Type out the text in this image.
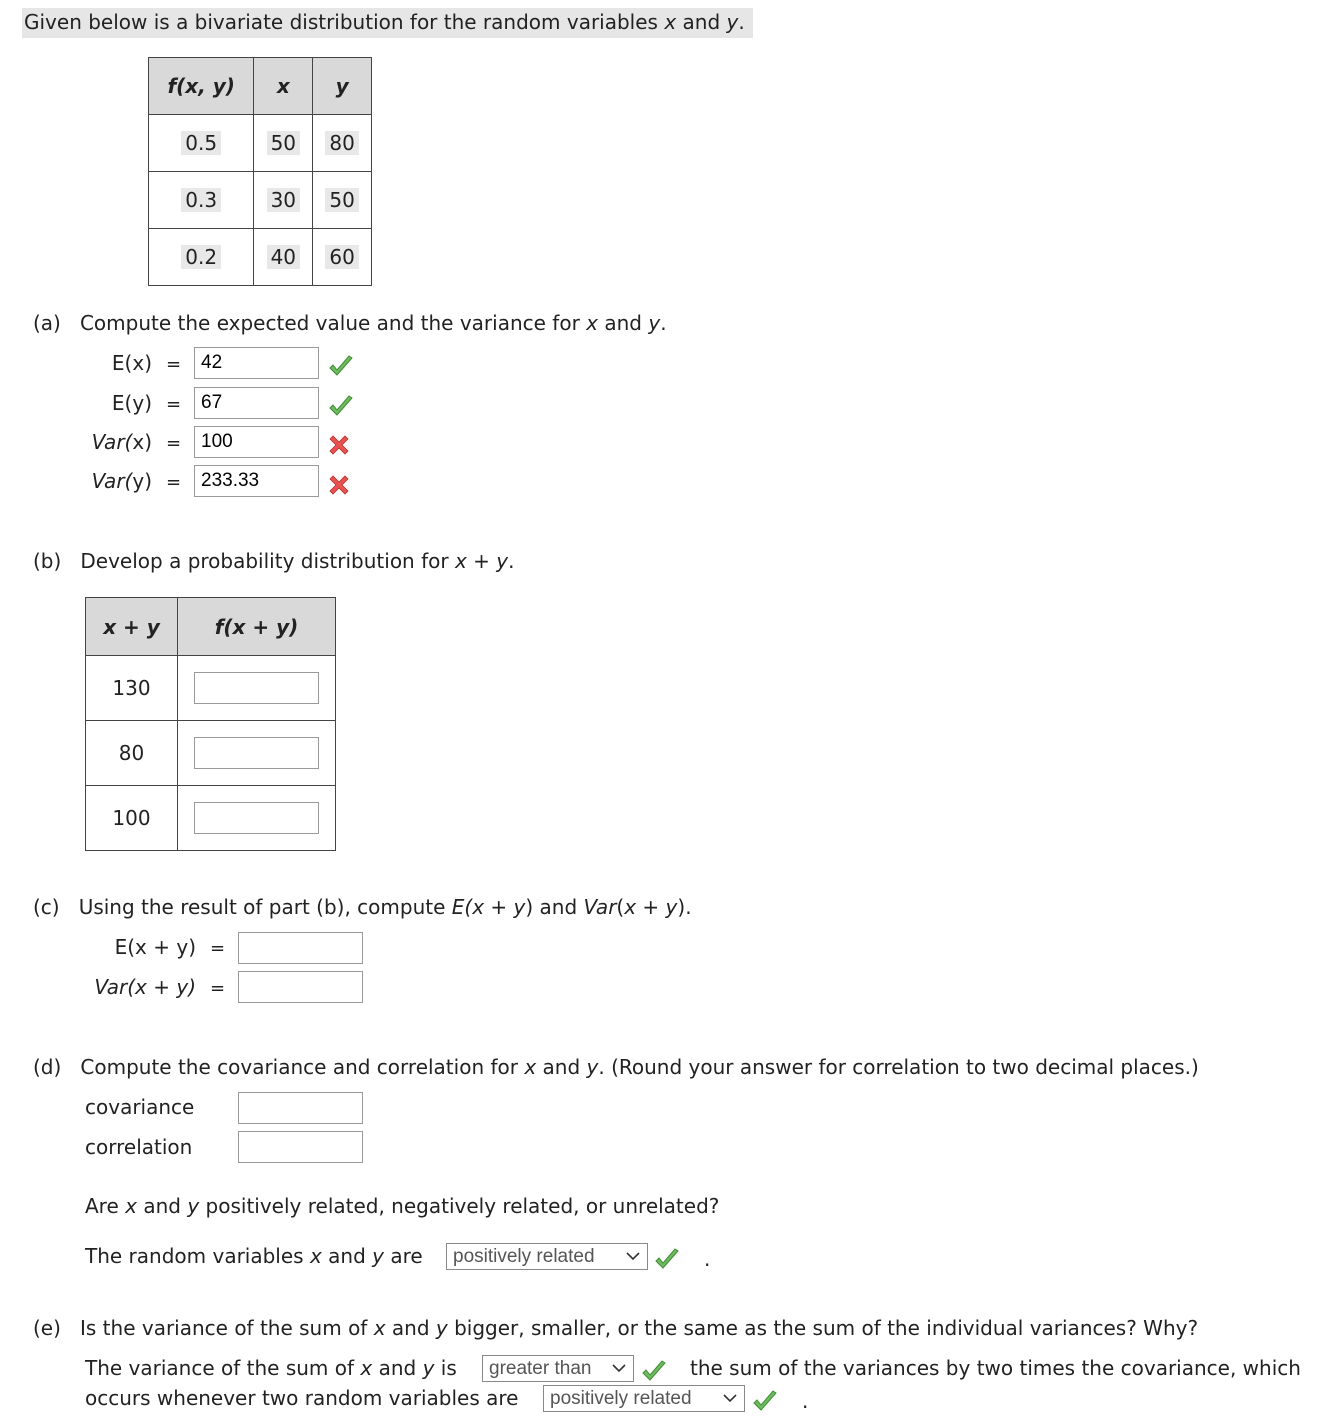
Given below is a bivariate distribution for the random variables x and y.
f(x, y)	x	y
0.5	50	80
0.3	30	50
0.2	40	60
(a) Compute the expected value and the variance for x and y.
E(x) =
42
E(y) =
67
Var(x) =
100
Var(y) =
233.33
(b) Develop a probability distribution for x + y.
x + y	f(x + y)
130	
80	
100	
(c) Using the result of part (b), compute E(x + y) and Var(x + y).
E(x + y) =
Var(x + y) =
(d) Compute the covariance and correlation for x and y. (Round your answer for correlation to two decimal places.)
covariance
correlation
Are x and y positively related, negatively related, or unrelated?
The random variables x and y are	positively related	.
(e) Is the variance of the sum of x and y bigger, smaller, or the same as the sum of the individual variances? Why?
The variance of the sum of x and y is	greater than	the sum of the variances by two times the covariance, which
occurs whenever two random variables are	positively related	.
